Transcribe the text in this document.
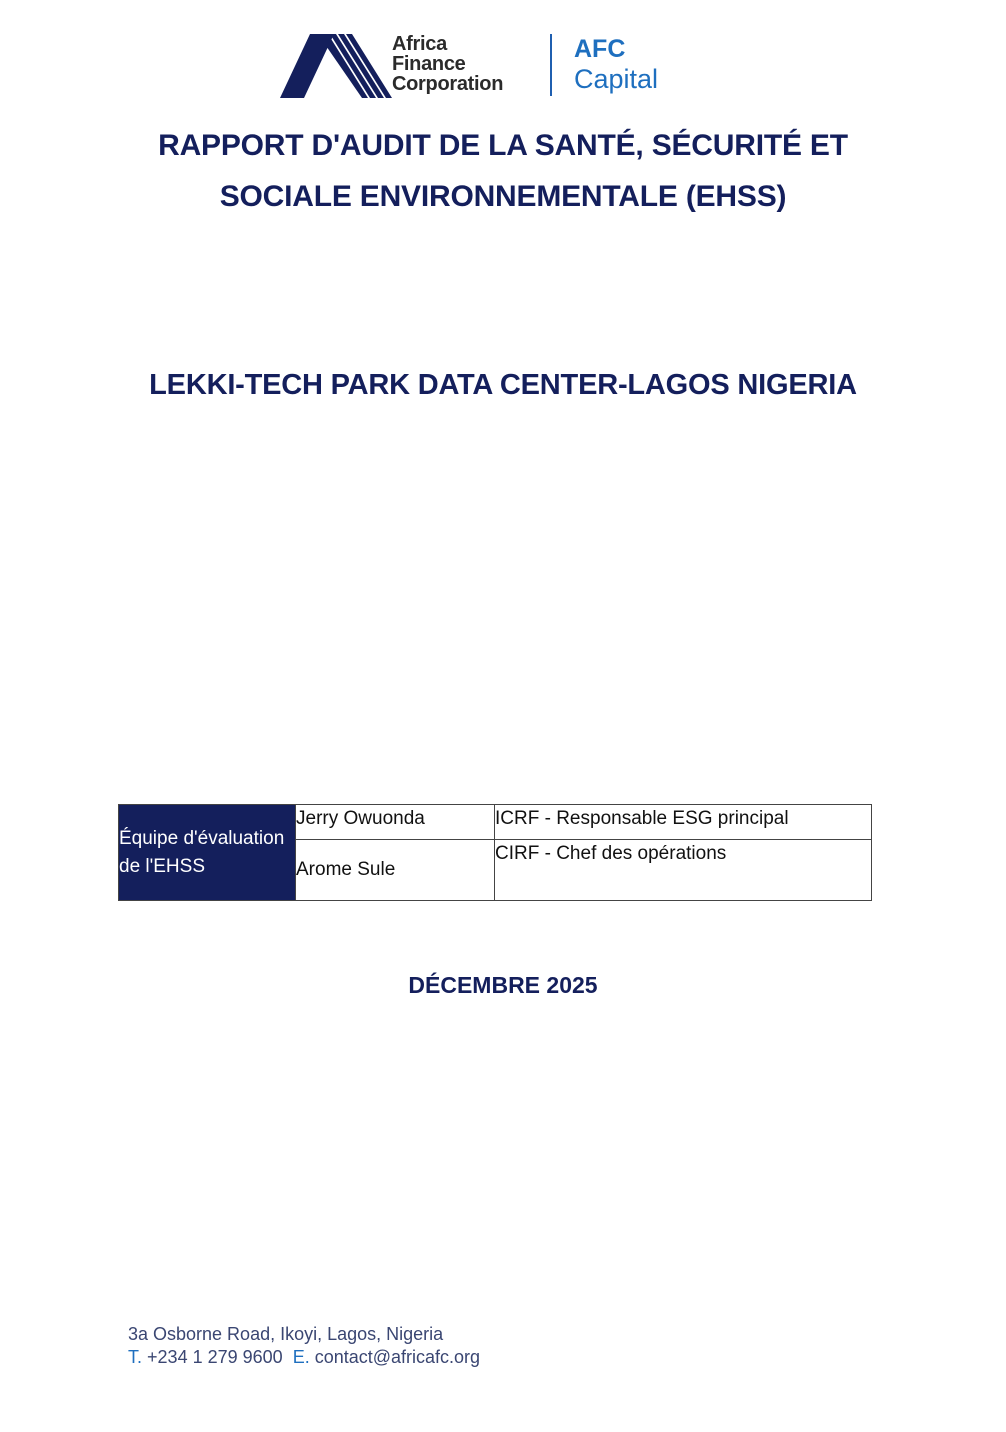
Africa
Finance
Corporation
AFC
Capital
RAPPORT D'AUDIT DE LA SANTÉ, SÉCURITÉ ET
SOCIALE ENVIRONNEMENTALE (EHSS)
LEKKI-TECH PARK DATA CENTER-LAGOS NIGERIA
Équipe d'évaluation de l'EHSS	Jerry Owuonda	ICRF - Responsable ESG principal
	Arome Sule	CIRF - Chef des opérations
DÉCEMBRE 2025
3a Osborne Road, Ikoyi, Lagos, Nigeria
T. +234 1 279 9600 E. contact@africafc.org
